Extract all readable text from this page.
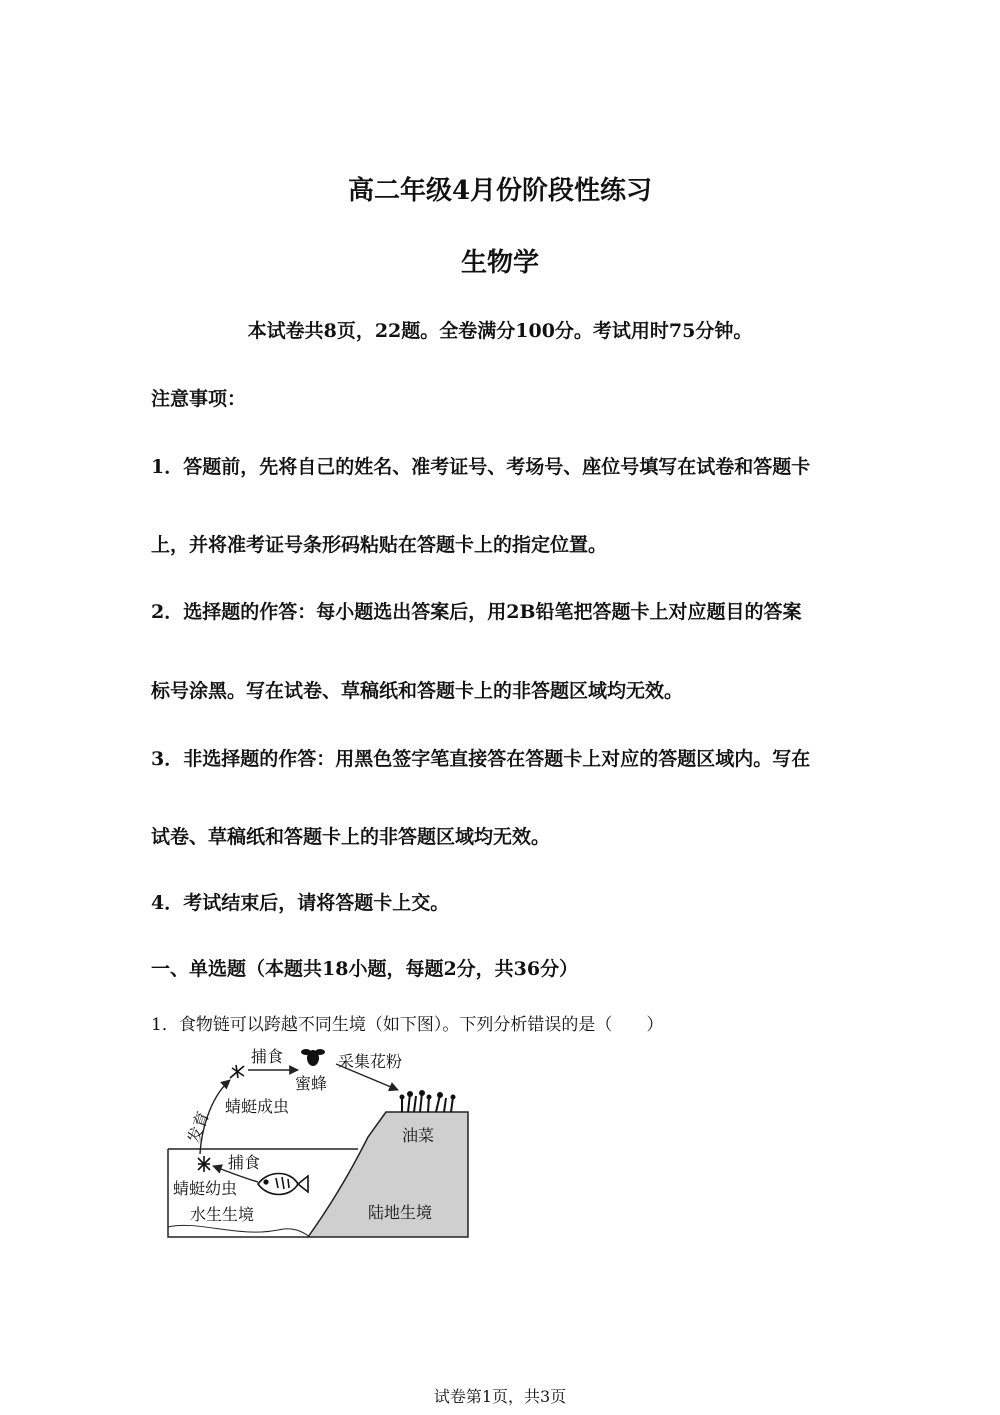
高二年级4月份阶段性练习
生物学
本试卷共8页，22题。全卷满分100分。考试用时75分钟。
注意事项：
1．答题前，先将自己的姓名、准考证号、考场号、座位号填写在试卷和答题卡
上，并将准考证号条形码粘贴在答题卡上的指定位置。
2．选择题的作答：每小题选出答案后，用2B铅笔把答题卡上对应题目的答案
标号涂黑。写在试卷、草稿纸和答题卡上的非答题区域均无效。
3．非选择题的作答：用黑色签字笔直接答在答题卡上对应的答题区域内。写在
试卷、草稿纸和答题卡上的非答题区域均无效。
4．考试结束后，请将答题卡上交。
一、单选题（本题共18小题，每题2分，共36分）
1．食物链可以跨越不同生境（如下图）。下列分析错误的是（　　）
捕食
蜜蜂
采集花粉
蜻蜓成虫
发育	油菜
捕食
蜻蜓幼虫
水生生境	陆地生境
试卷第1页，共3页
